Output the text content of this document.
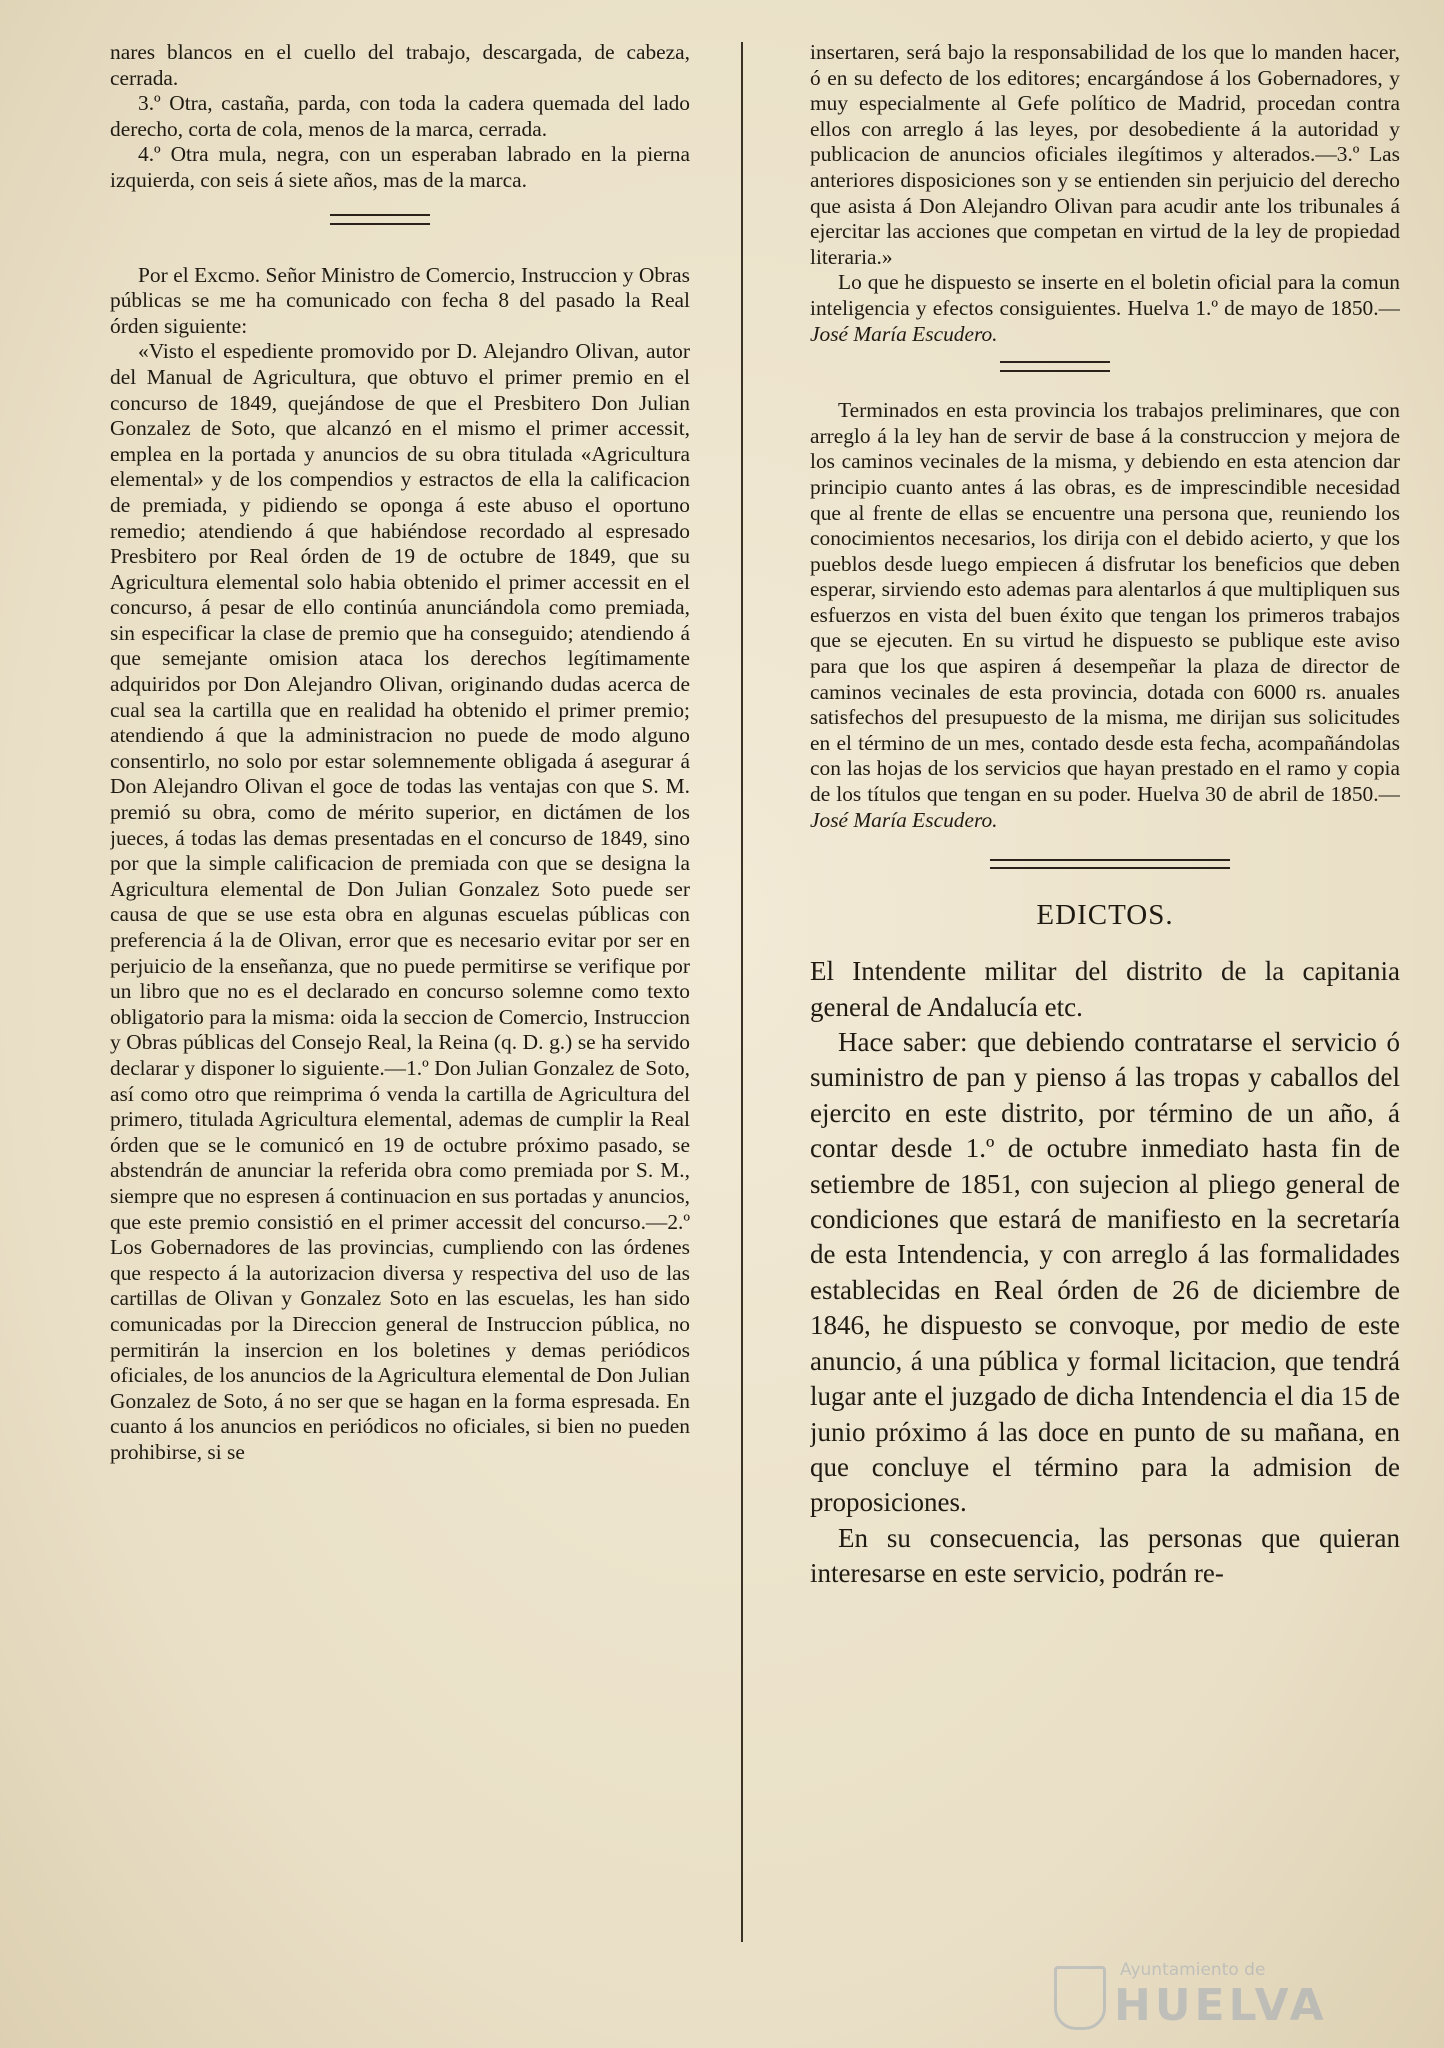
nares blancos en el cuello del trabajo, descargada, de cabeza, cerrada.

3.º Otra, castaña, parda, con toda la cadera quemada del lado derecho, corta de cola, menos de la marca, cerrada.

4.º Otra mula, negra, con un esperaban labrado en la pierna izquierda, con seis á siete años, mas de la marca.

Por el Excmo. Señor Ministro de Comercio, Instruccion y Obras públicas se me ha comunicado con fecha 8 del pasado la Real órden siguiente:

«Visto el espediente promovido por D. Alejandro Olivan, autor del Manual de Agricultura, que obtuvo el primer premio en el concurso de 1849, quejándose de que el Presbitero Don Julian Gonzalez de Soto, que alcanzó en el mismo el primer accessit, emplea en la portada y anuncios de su obra titulada «Agricultura elemental» y de los compendios y estractos de ella la calificacion de premiada, y pidiendo se oponga á este abuso el oportuno remedio; atendiendo á que habiéndose recordado al espresado Presbitero por Real órden de 19 de octubre de 1849, que su Agricultura elemental solo habia obtenido el primer accessit en el concurso, á pesar de ello continúa anunciándola como premiada, sin especificar la clase de premio que ha conseguido; atendiendo á que semejante omision ataca los derechos legítimamente adquiridos por Don Alejandro Olivan, originando dudas acerca de cual sea la cartilla que en realidad ha obtenido el primer premio; atendiendo á que la administracion no puede de modo alguno consentirlo, no solo por estar solemnemente obligada á asegurar á Don Alejandro Olivan el goce de todas las ventajas con que S. M. premió su obra, como de mérito superior, en dictámen de los jueces, á todas las demas presentadas en el concurso de 1849, sino por que la simple calificacion de premiada con que se designa la Agricultura elemental de Don Julian Gonzalez Soto puede ser causa de que se use esta obra en algunas escuelas públicas con preferencia á la de Olivan, error que es necesario evitar por ser en perjuicio de la enseñanza, que no puede permitirse se verifique por un libro que no es el declarado en concurso solemne como texto obligatorio para la misma: oida la seccion de Comercio, Instruccion y Obras públicas del Consejo Real, la Reina (q. D. g.) se ha servido declarar y disponer lo siguiente.—1.º Don Julian Gonzalez de Soto, así como otro que reimprima ó venda la cartilla de Agricultura del primero, titulada Agricultura elemental, ademas de cumplir la Real órden que se le comunicó en 19 de octubre próximo pasado, se abstendrán de anunciar la referida obra como premiada por S. M., siempre que no espresen á continuacion en sus portadas y anuncios, que este premio consistió en el primer accessit del concurso.—2.º Los Gobernadores de las provincias, cumpliendo con las órdenes que respecto á la autorizacion diversa y respectiva del uso de las cartillas de Olivan y Gonzalez Soto en las escuelas, les han sido comunicadas por la Direccion general de Instruccion pública, no permitirán la insercion en los boletines y demas periódicos oficiales, de los anuncios de la Agricultura elemental de Don Julian Gonzalez de Soto, á no ser que se hagan en la forma espresada. En cuanto á los anuncios en periódicos no oficiales, si bien no pueden prohibirse, si se

insertaren, será bajo la responsabilidad de los que lo manden hacer, ó en su defecto de los editores; encargándose á los Gobernadores, y muy especialmente al Gefe político de Madrid, procedan contra ellos con arreglo á las leyes, por desobediente á la autoridad y publicacion de anuncios oficiales ilegítimos y alterados.—3.º Las anteriores disposiciones son y se entienden sin perjuicio del derecho que asista á Don Alejandro Olivan para acudir ante los tribunales á ejercitar las acciones que competan en virtud de la ley de propiedad literaria.»

Lo que he dispuesto se inserte en el boletin oficial para la comun inteligencia y efectos consiguientes. Huelva 1.º de mayo de 1850.—José María Escudero.

Terminados en esta provincia los trabajos preliminares, que con arreglo á la ley han de servir de base á la construccion y mejora de los caminos vecinales de la misma, y debiendo en esta atencion dar principio cuanto antes á las obras, es de imprescindible necesidad que al frente de ellas se encuentre una persona que, reuniendo los conocimientos necesarios, los dirija con el debido acierto, y que los pueblos desde luego empiecen á disfrutar los beneficios que deben esperar, sirviendo esto ademas para alentarlos á que multipliquen sus esfuerzos en vista del buen éxito que tengan los primeros trabajos que se ejecuten. En su virtud he dispuesto se publique este aviso para que los que aspiren á desempeñar la plaza de director de caminos vecinales de esta provincia, dotada con 6000 rs. anuales satisfechos del presupuesto de la misma, me dirijan sus solicitudes en el término de un mes, contado desde esta fecha, acompañándolas con las hojas de los servicios que hayan prestado en el ramo y copia de los títulos que tengan en su poder. Huelva 30 de abril de 1850.—José María Escudero.

EDICTOS.

El Intendente militar del distrito de la capitania general de Andalucía etc.

Hace saber: que debiendo contratarse el servicio ó suministro de pan y pienso á las tropas y caballos del ejercito en este distrito, por término de un año, á contar desde 1.º de octubre inmediato hasta fin de setiembre de 1851, con sujecion al pliego general de condiciones que estará de manifiesto en la secretaría de esta Intendencia, y con arreglo á las formalidades establecidas en Real órden de 26 de diciembre de 1846, he dispuesto se convoque, por medio de este anuncio, á una pública y formal licitacion, que tendrá lugar ante el juzgado de dicha Intendencia el dia 15 de junio próximo á las doce en punto de su mañana, en que concluye el término para la admision de proposiciones.

En su consecuencia, las personas que quieran interesarse en este servicio, podrán re-

Ayuntamiento de
HUELVA
